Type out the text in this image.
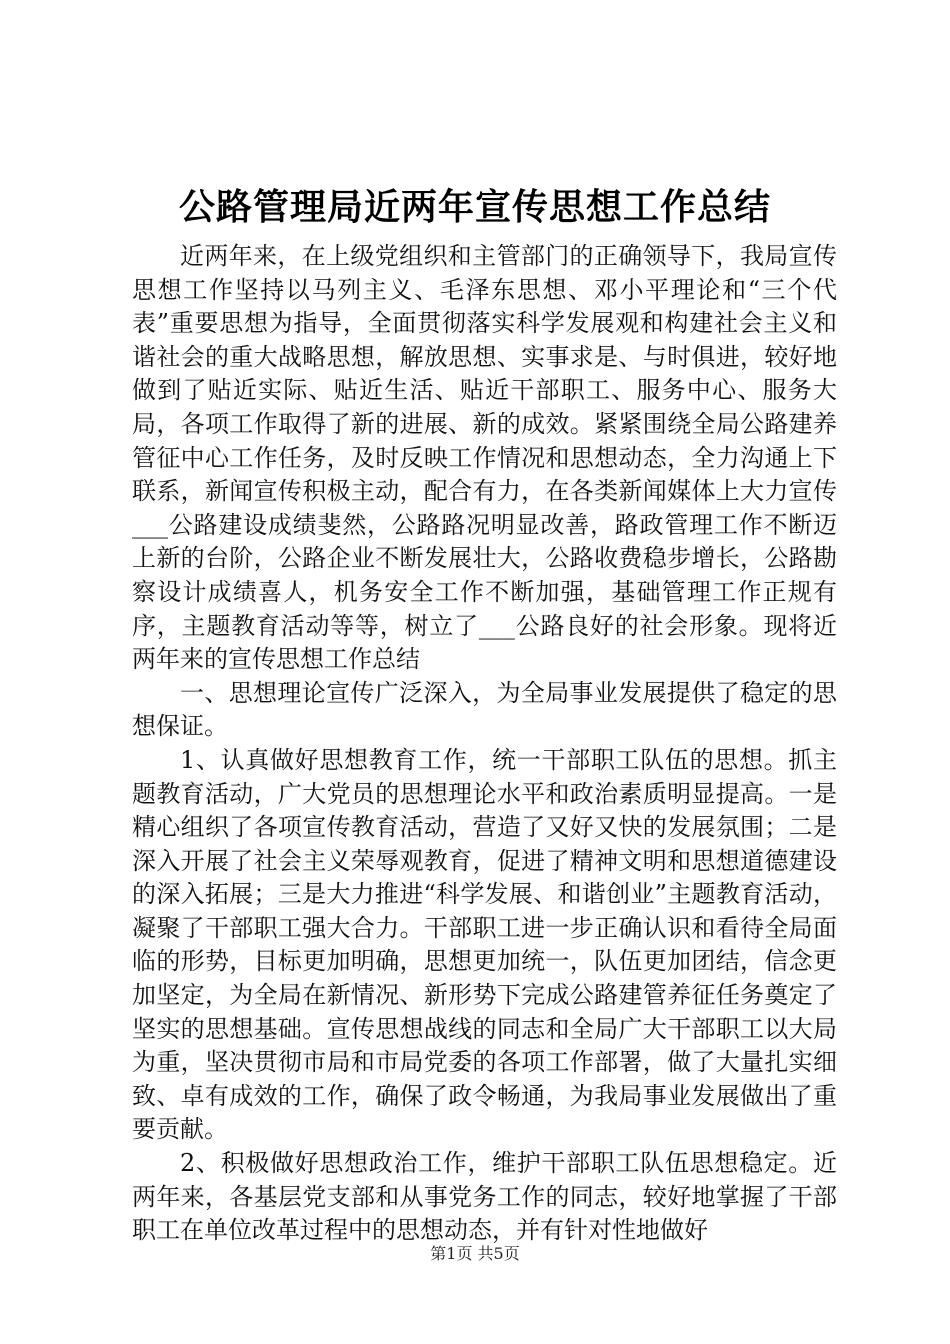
公路管理局近两年宣传思想工作总结

近两年来，在上级党组织和主管部门的正确领导下，我局宣传思想工作坚持以马列主义、毛泽东思想、邓小平理论和“三个代表”重要思想为指导，全面贯彻落实科学发展观和构建社会主义和谐社会的重大战略思想，解放思想、实事求是、与时俱进，较好地做到了贴近实际、贴近生活、贴近干部职工、服务中心、服务大局，各项工作取得了新的进展、新的成效。紧紧围绕全局公路建养管征中心工作任务，及时反映工作情况和思想动态，全力沟通上下联系，新闻宣传积极主动，配合有力，在各类新闻媒体上大力宣传___公路建设成绩斐然，公路路况明显改善，路政管理工作不断迈上新的台阶，公路企业不断发展壮大，公路收费稳步增长，公路勘察设计成绩喜人，机务安全工作不断加强，基础管理工作正规有序，主题教育活动等等，树立了___公路良好的社会形象。现将近两年来的宣传思想工作总结

一、思想理论宣传广泛深入，为全局事业发展提供了稳定的思想保证。

1、认真做好思想教育工作，统一干部职工队伍的思想。抓主题教育活动，广大党员的思想理论水平和政治素质明显提高。一是精心组织了各项宣传教育活动，营造了又好又快的发展氛围；二是深入开展了社会主义荣辱观教育，促进了精神文明和思想道德建设的深入拓展；三是大力推进“科学发展、和谐创业”主题教育活动，凝聚了干部职工强大合力。干部职工进一步正确认识和看待全局面临的形势，目标更加明确，思想更加统一，队伍更加团结，信念更加坚定，为全局在新情况、新形势下完成公路建管养征任务奠定了坚实的思想基础。宣传思想战线的同志和全局广大干部职工以大局为重，坚决贯彻市局和市局党委的各项工作部署，做了大量扎实细致、卓有成效的工作，确保了政令畅通，为我局事业发展做出了重要贡献。

2、积极做好思想政治工作，维护干部职工队伍思想稳定。近两年来，各基层党支部和从事党务工作的同志，较好地掌握了干部职工在单位改革过程中的思想动态，并有针对性地做好

第1页 共5页
